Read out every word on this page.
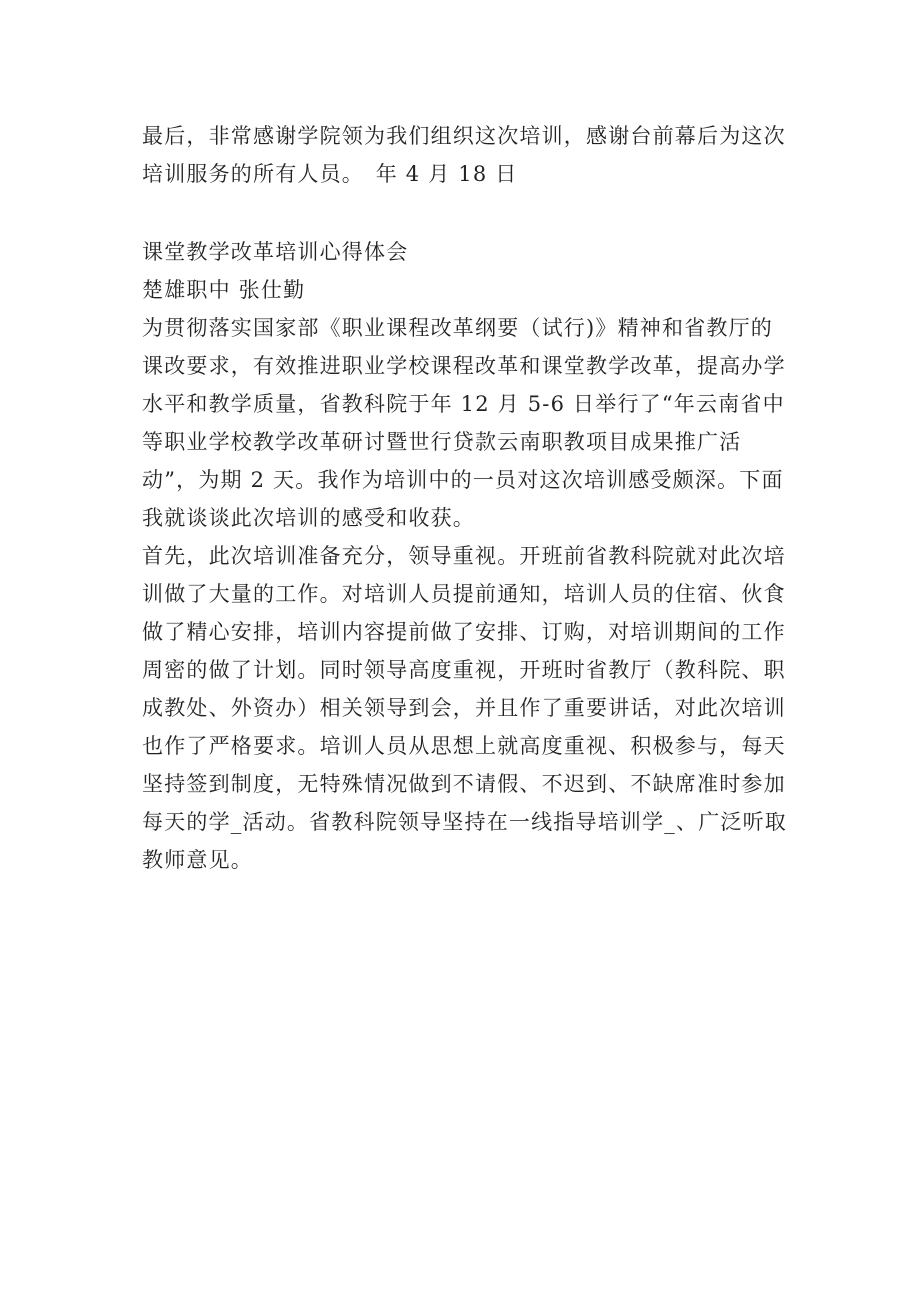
最后，非常感谢学院领为我们组织这次培训，感谢台前幕后为这次培训服务的所有人员。　年 4 月 18 日

课堂教学改革培训心得体会

楚雄职中 张仕勤

为贯彻落实国家部《职业课程改革纲要（试行)》精神和省教厅的课改要求，有效推进职业学校课程改革和课堂教学改革，提高办学水平和教学质量，省教科院于年 12 月 5-6 日举行了“年云南省中等职业学校教学改革研讨暨世行贷款云南职教项目成果推广活动”，为期 2 天。我作为培训中的一员对这次培训感受颇深。下面我就谈谈此次培训的感受和收获。

首先，此次培训准备充分，领导重视。开班前省教科院就对此次培训做了大量的工作。对培训人员提前通知，培训人员的住宿、伙食做了精心安排，培训内容提前做了安排、订购，对培训期间的工作周密的做了计划。同时领导高度重视，开班时省教厅（教科院、职成教处、外资办）相关领导到会，并且作了重要讲话，对此次培训也作了严格要求。培训人员从思想上就高度重视、积极参与，每天坚持签到制度，无特殊情况做到不请假、不迟到、不缺席准时参加每天的学_活动。省教科院领导坚持在一线指导培训学_、广泛听取教师意见。
